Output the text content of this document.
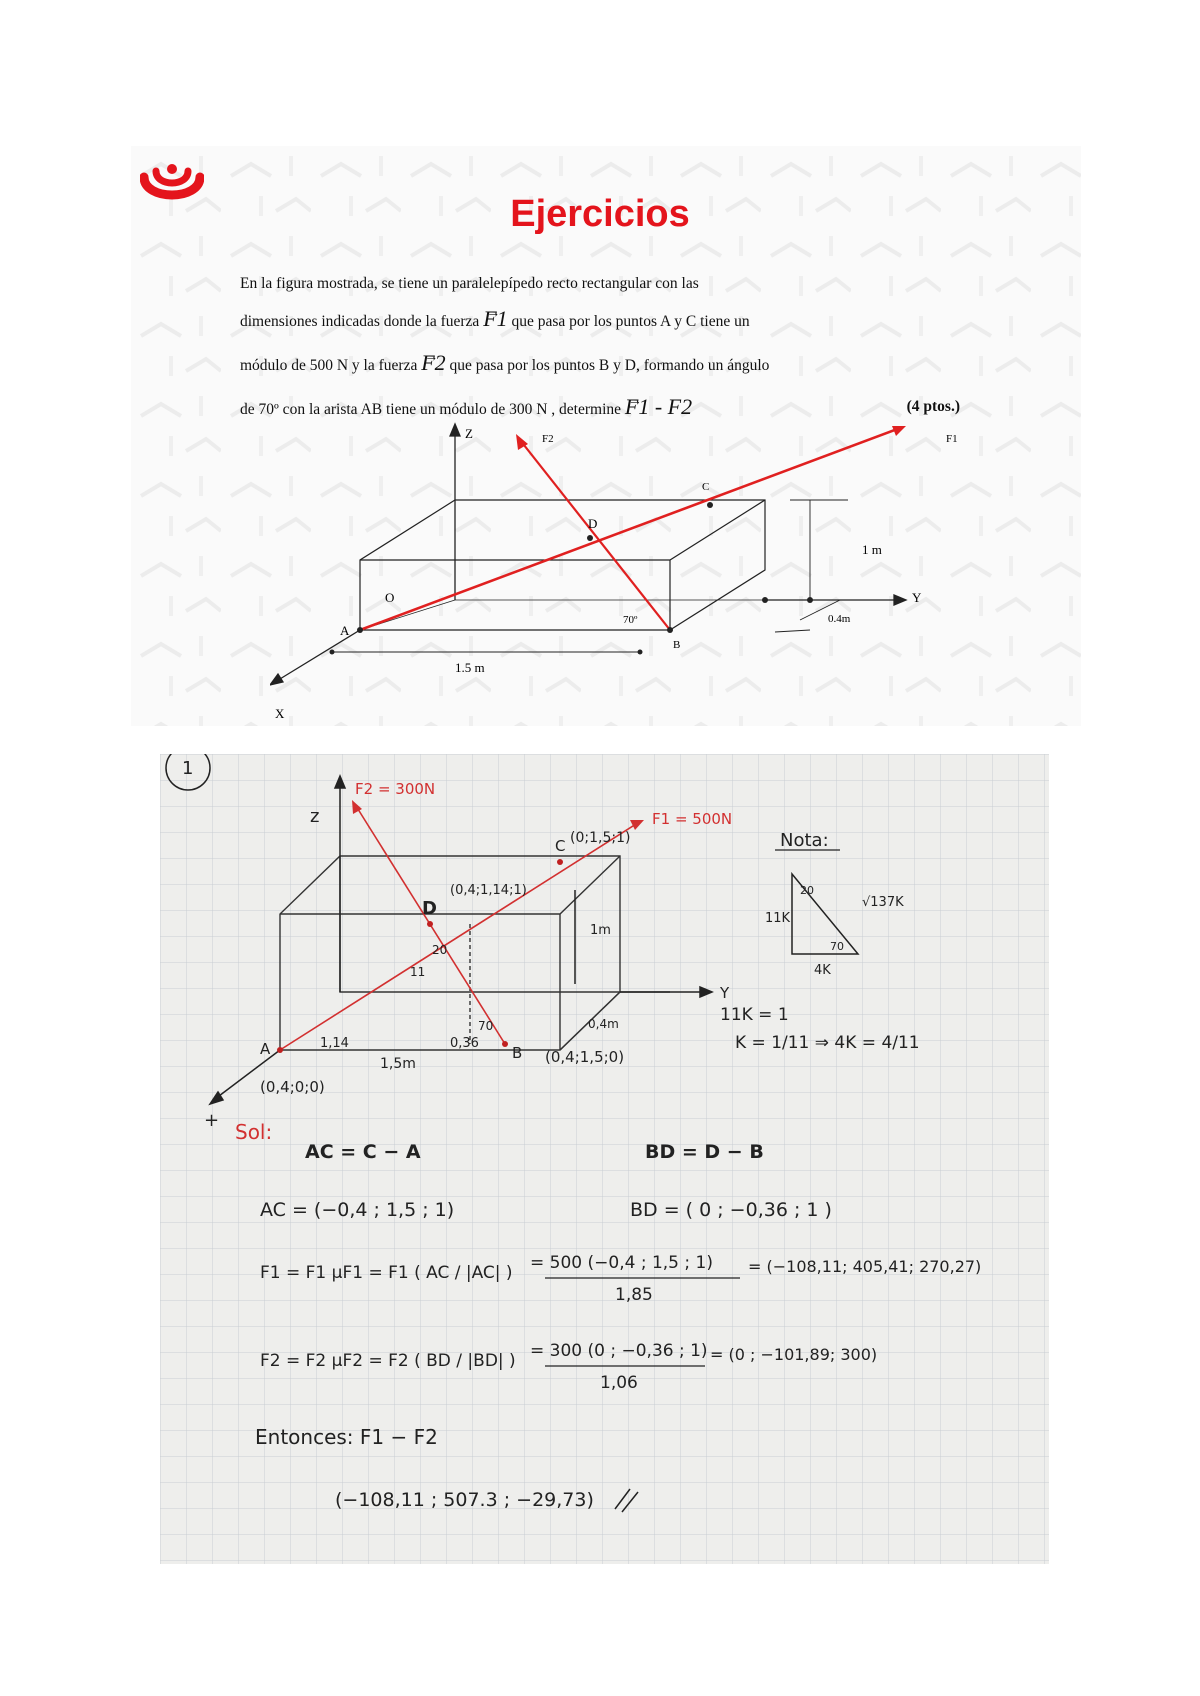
Ejercicios
En la figura mostrada, se tiene un paralelepípedo recto rectangular con las
dimensiones indicadas donde la fuerza → F1 que pasa por los puntos A y C tiene un
módulo de 500 N y la fuerza → F2 que pasa por los puntos B y D, formando un ángulo
de 70º con la arista AB tiene un módulo de 300 N , determine → F1 - F2	(4 ptos.)
Z
Y
X
F1
F2
A
B
C
D
O
70º
1 m
0.4m
1.5 m
1
z
Y
+
F2 = 300N
F1 = 500N
(0;1,5;1)
(0,4;1,14;1)
(0,4;1,5;0)
(0,4;0;0)
A	B
C
D
1,14	0,36
1,5m
1m
0,4m
11
20
70
Nota:
√137K
11K
4K
20
70
11K = 1
K = 1/11 ⇒ 4K = 4/11
Sol:
AC = C − A	BD = D − B
AC = (−0,4 ; 1,5 ; 1)	BD = ( 0 ; −0,36 ; 1 )
F1 = F1 μF1 = F1 ( AC / |AC| ) = 500 (−0,4 ; 1,5 ; 1)
1,85
= (−108,11; 405,41; 270,27)
F2 = F2 μF2 = F2 ( BD / |BD| ) = 300 (0 ; −0,36 ; 1)
1,06
= (0 ; −101,89; 300)
Entonces: F1 − F2
(−108,11 ; 507.3 ; −29,73)
